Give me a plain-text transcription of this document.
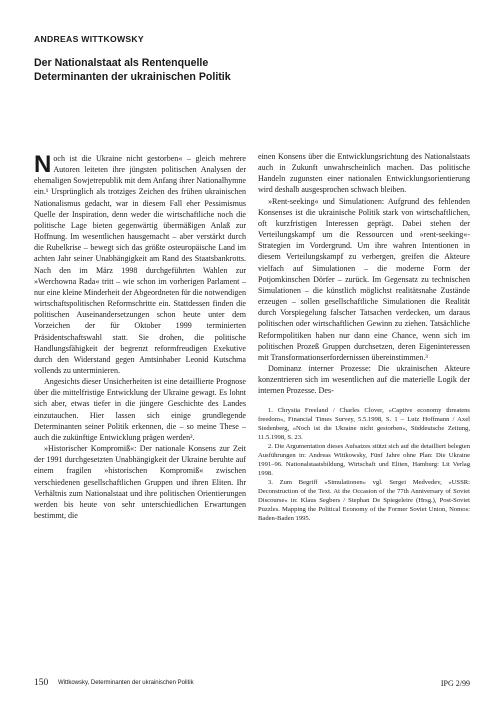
ANDREAS WITTKOWSKY
Der Nationalstaat als Rentenquelle
Determinanten der ukrainischen Politik

Noch ist die Ukraine nicht gestorben« – gleich mehrere Autoren leiteten ihre jüngsten politischen Analysen der ehemaligen Sowjetrepublik mit dem Anfang ihrer Nationalhymne ein.¹ Ursprünglich als trotziges Zeichen des frühen ukrainischen Nationalismus gedacht, war in diesem Fall eher Pessimismus Quelle der Inspiration, denn weder die wirtschaftliche noch die politische Lage bieten gegenwärtig übermäßigen Anlaß zur Hoffnung. Im wesentlichen hausgemacht – aber verstärkt durch die Rubelkrise – bewegt sich das größte osteuropäische Land im achten Jahr seiner Unabhängigkeit am Rand des Staatsbankrotts. Nach den im März 1998 durchgeführten Wahlen zur »Werchowna Rada« tritt – wie schon im vorherigen Parlament – nur eine kleine Minderheit der Abgeordneten für die notwendigen wirtschaftspolitischen Reformschritte ein. Stattdessen finden die politischen Auseinandersetzungen schon heute unter dem Vorzeichen der für Oktober 1999 terminierten Präsidentschaftswahl statt. Sie drohen, die politische Handlungsfähigkeit der begrenzt reformfreudigen Exekutive durch den Widerstand gegen Amtsinhaber Leonid Kutschma vollends zu unterminieren.

Angesichts dieser Unsicherheiten ist eine detaillierte Prognose über die mittelfristige Entwicklung der Ukraine gewagt. Es lohnt sich aber, etwas tiefer in die jüngere Geschichte des Landes einzutauchen. Hier lassen sich einige grundlegende Determinanten seiner Politik erkennen, die – so meine These – auch die zukünftige Entwicklung prägen werden².

»Historischer Kompromiß«: Der nationale Konsens zur Zeit der 1991 durchgesetzten Unabhängigkeit der Ukraine beruhte auf einem fragilen »historischen Kompromiß« zwischen verschiedenen gesellschaftlichen Gruppen und ihren Eliten. Ihr Verhältnis zum Nationalstaat und ihre politischen Orientierungen werden bis heute von sehr unterschiedlichen Erwartungen bestimmt, die

einen Konsens über die Entwicklungsrichtung des Nationalstaats auch in Zukunft unwahrscheinlich machen. Das politische Handeln zugunsten einer nationalen Entwicklungsorientierung wird deshalb ausgesprochen schwach bleiben.

»Rent-seeking« und Simulationen: Aufgrund des fehlenden Konsenses ist die ukrainische Politik stark von wirtschaftlichen, oft kurzfristigen Interessen geprägt. Dabei stehen der Verteilungskampf um die Ressourcen und »rent-seeking«-Strategien im Vordergrund. Um ihre wahren Intentionen in diesem Verteilungskampf zu verbergen, greifen die Akteure vielfach auf Simulationen – die moderne Form der Potjomkinschen Dörfer – zurück. Im Gegensatz zu technischen Simulationen – die künstlich möglichst realitätsnahe Zustände erzeugen – sollen gesellschaftliche Simulationen die Realität durch Vorspiegelung falscher Tatsachen verdecken, um daraus politischen oder wirtschaftlichen Gewinn zu ziehen. Tatsächliche Reformpolitiken haben nur dann eine Chance, wenn sich im politischen Prozeß Gruppen durchsetzen, deren Eigeninteressen mit Transformationserfordernissen übereinstimmen.³

Dominanz interner Prozesse: Die ukrainischen Akteure konzentrieren sich im wesentlichen auf die materielle Logik der internen Prozesse. Des-

1. Chrystia Freeland / Charles Clover, »Captive economy threatens freedom«, Financial Times Survey, 5.5.1998, S. 1 – Lutz Hoffmann / Axel Siedenberg, »Noch ist die Ukraine nicht gestorben«, Süddeutsche Zeitung, 11.5.1998, S. 23.

2. Die Argumentation dieses Aufsatzes stützt sich auf die detailliert belegten Ausführungen in: Andreas Wittkowsky, Fünf Jahre ohne Plan: Die Ukraine 1991–96. Nationalstaatsbildung, Wirtschaft und Eliten, Hamburg: Lit Verlag 1998.

3. Zum Begriff »Simulationen« vgl. Sergei Medvedev, »USSR: Deconstruction of the Text. At the Occasion of the 77th Anniversary of Soviet Discourse« in: Klaus Segbers / Stephan De Spiegeleire (Hrsg.), Post-Soviet Puzzles. Mapping the Political Economy of the Former Soviet Union, Nomos: Baden-Baden 1995.

150 Wittkowsky, Determinanten der ukrainischen Politik	IPG 2/99
